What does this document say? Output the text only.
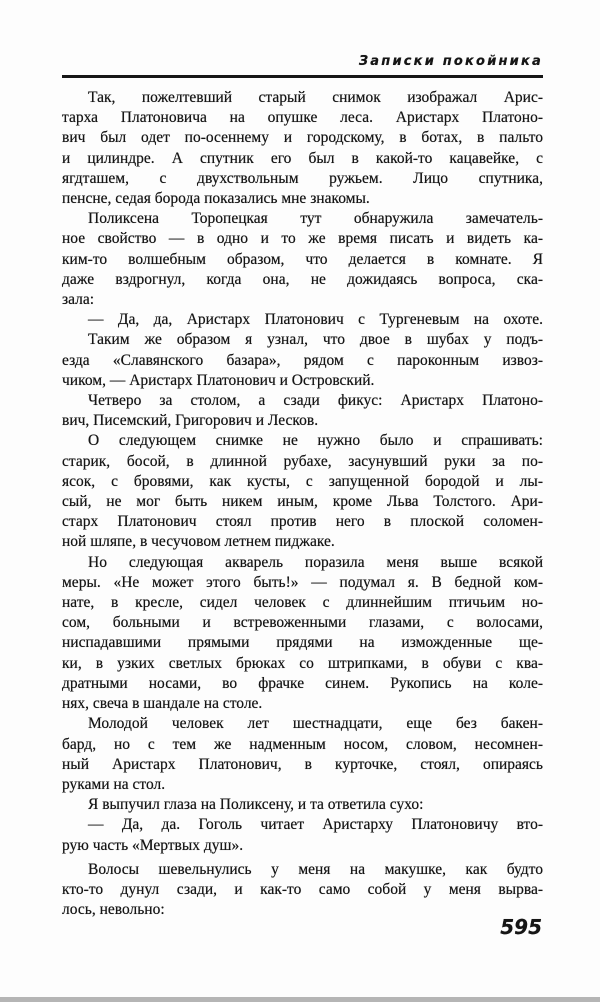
Записки покойника
Так, пожелтевший старый снимок изображал Арис-
тарха Платоновича на опушке леса. Аристарх Платоно-
вич был одет по-осеннему и городскому, в ботах, в пальто
и цилиндре. А спутник его был в какой-то кацавейке, с
ягдташем, с двухствольным ружьем. Лицо спутника,
пенсне, седая борода показались мне знакомы.
Поликсена Торопецкая тут обнаружила замечатель-
ное свойство — в одно и то же время писать и видеть ка-
ким-то волшебным образом, что делается в комнате. Я
даже вздрогнул, когда она, не дожидаясь вопроса, ска-
зала:
— Да, да, Аристарх Платонович с Тургеневым на охоте.
Таким же образом я узнал, что двое в шубах у подъ-
езда «Славянского базара», рядом с пароконным извоз-
чиком, — Аристарх Платонович и Островский.
Четверо за столом, а сзади фикус: Аристарх Платоно-
вич, Писемский, Григорович и Лесков.
О следующем снимке не нужно было и спрашивать:
старик, босой, в длинной рубахе, засунувший руки за по-
ясок, с бровями, как кусты, с запущенной бородой и лы-
сый, не мог быть никем иным, кроме Льва Толстого. Ари-
старх Платонович стоял против него в плоской соломен-
ной шляпе, в чесучовом летнем пиджаке.
Но следующая акварель поразила меня выше всякой
меры. «Не может этого быть!» — подумал я. В бедной ком-
нате, в кресле, сидел человек с длиннейшим птичьим но-
сом, больными и встревоженными глазами, с волосами,
ниспадавшими прямыми прядями на изможденные ще-
ки, в узких светлых брюках со штрипками, в обуви с ква-
дратными носами, во фрачке синем. Рукопись на коле-
нях, свеча в шандале на столе.
Молодой человек лет шестнадцати, еще без бакен-
бард, но с тем же надменным носом, словом, несомнен-
ный Аристарх Платонович, в курточке, стоял, опираясь
руками на стол.
Я выпучил глаза на Поликсену, и та ответила сухо:
— Да, да. Гоголь читает Аристарху Платоновичу вто-
рую часть «Мертвых душ».
Волосы шевельнулись у меня на макушке, как будто
кто-то дунул сзади, и как-то само собой у меня вырва-
лось, невольно:
595
